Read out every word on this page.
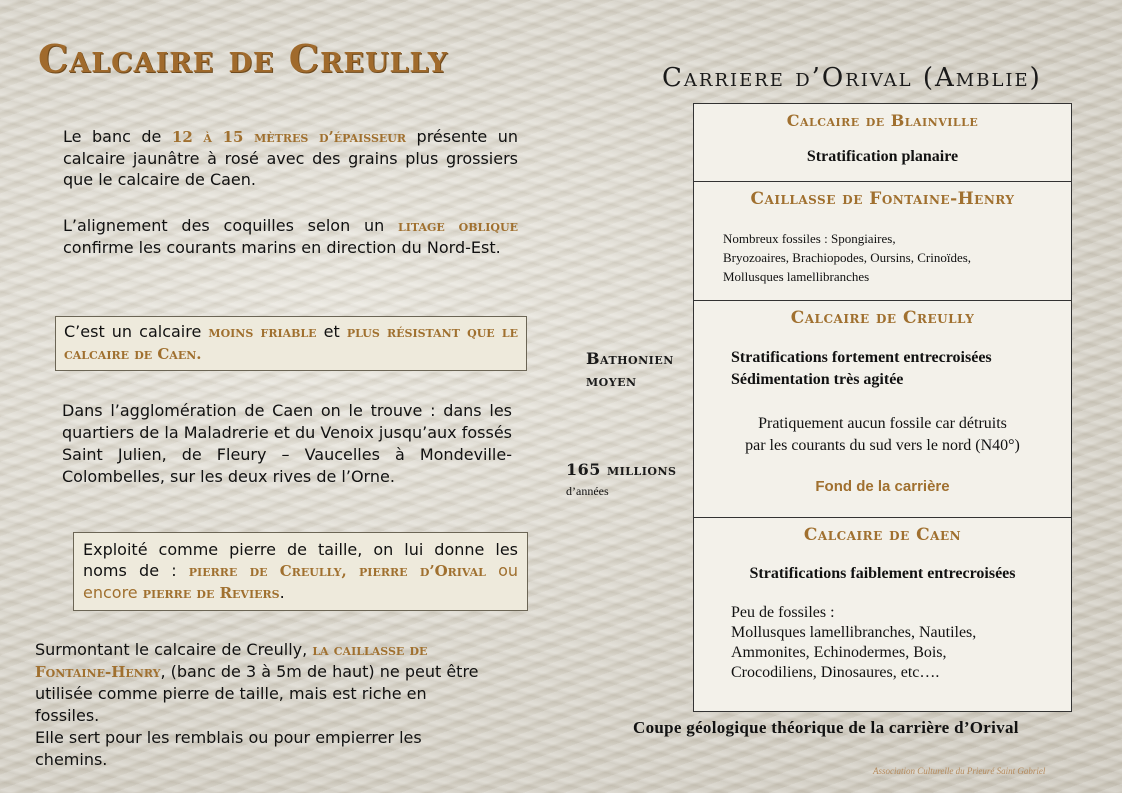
Calcaire de Creully	Carriere d’Orival (Amblie)
Le banc de 12 à 15 mètres d’épaisseur présente un calcaire jaunâtre à rosé avec des grains plus grossiers que le calcaire de Caen.
L’alignement des coquilles selon un litage oblique confirme les courants marins en direction du Nord-Est.
C’est un calcaire moins friable et plus résistant que le calcaire de Caen.
Dans l’agglomération de Caen on le trouve : dans les quartiers de la Maladrerie et du Venoix jusqu’aux fossés Saint Julien, de Fleury – Vaucelles à Mondeville-Colombelles, sur les deux rives de l’Orne.
Exploité comme pierre de taille, on lui donne les noms de : pierre de Creully, pierre d’Orival ou encore pierre de Reviers.
Surmontant le calcaire de Creully, la caillasse de Fontaine-Henry, (banc de 3 à 5m de haut) ne peut être utilisée comme pierre de taille, mais est riche en fossiles.
Elle sert pour les remblais ou pour empierrer les chemins.
Bathonien
moyen
165 millions
d’années
Calcaire de Blainville
Stratification planaire
Caillasse de Fontaine-Henry
Nombreux fossiles : Spongiaires,
Bryozoaires, Brachiopodes, Oursins, Crinoïdes,
Mollusques lamellibranches
Calcaire de Creully
Stratifications fortement entrecroisées
Sédimentation très agitée
Pratiquement aucun fossile car détruits
par les courants du sud vers le nord (N40°)
Fond de la carrière
Calcaire de Caen
Stratifications faiblement entrecroisées
Peu de fossiles :
Mollusques lamellibranches, Nautiles,
Ammonites, Echinodermes, Bois,
Crocodiliens, Dinosaures, etc….
Coupe géologique théorique de la carrière d’Orival
Association Culturelle du Prieuré Saint Gabriel
